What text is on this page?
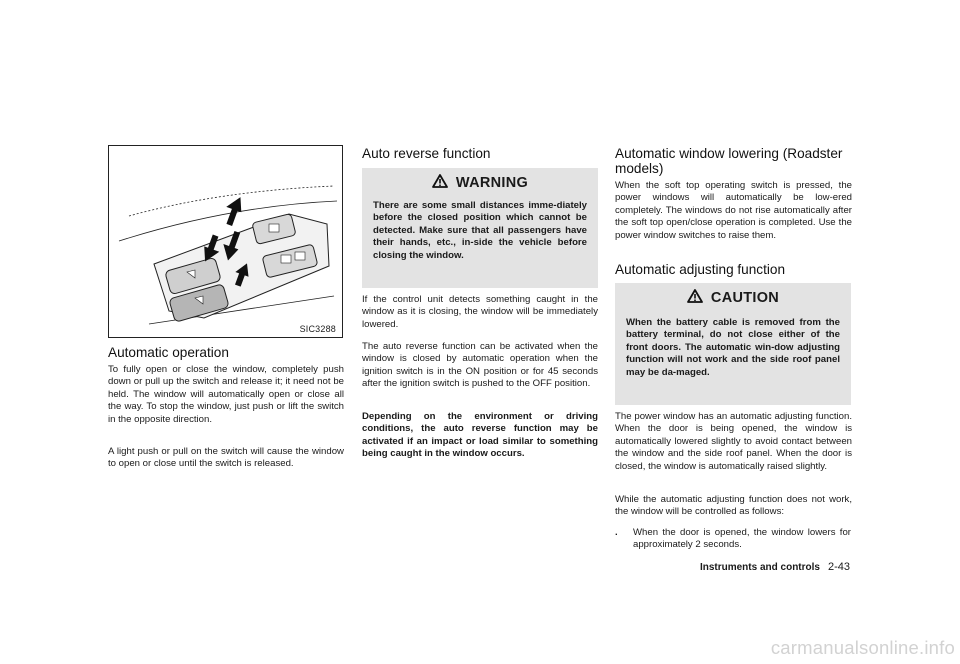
SIC3288
Automatic operation

To fully open or close the window, completely push down or pull up the switch and release it; it need not be held. The window will automatically open or close all the way. To stop the window, just push or lift the switch in the opposite direction.

A light push or pull on the switch will cause the window to open or close until the switch is released.

Auto reverse function
WARNING
There are some small distances imme-diately before the closed position which cannot be detected. Make sure that all passengers have their hands, etc., in-side the vehicle before closing the window.

If the control unit detects something caught in the window as it is closing, the window will be immediately lowered.

The auto reverse function can be activated when the window is closed by automatic operation when the ignition switch is in the ON position or for 45 seconds after the ignition switch is pushed to the OFF position.

Depending on the environment or driving conditions, the auto reverse function may be activated if an impact or load similar to something being caught in the window occurs.

Automatic window lowering (Roadster models)

When the soft top operating switch is pressed, the power windows will automatically be low-ered completely. The windows do not rise automatically after the soft top open/close operation is completed. Use the power window switches to raise them.

Automatic adjusting function
CAUTION
When the battery cable is removed from the battery terminal, do not close either of the front doors. The automatic win-dow adjusting function will not work and the side roof panel may be da-maged.

The power window has an automatic adjusting function. When the door is being opened, the window is automatically lowered slightly to avoid contact between the window and the side roof panel. When the door is closed, the window is automatically raised slightly.

While the automatic adjusting function does not work, the window will be controlled as follows:

. When the door is opened, the window lowers for approximately 2 seconds.
Instruments and controls 2-43
carmanualsonline.info
